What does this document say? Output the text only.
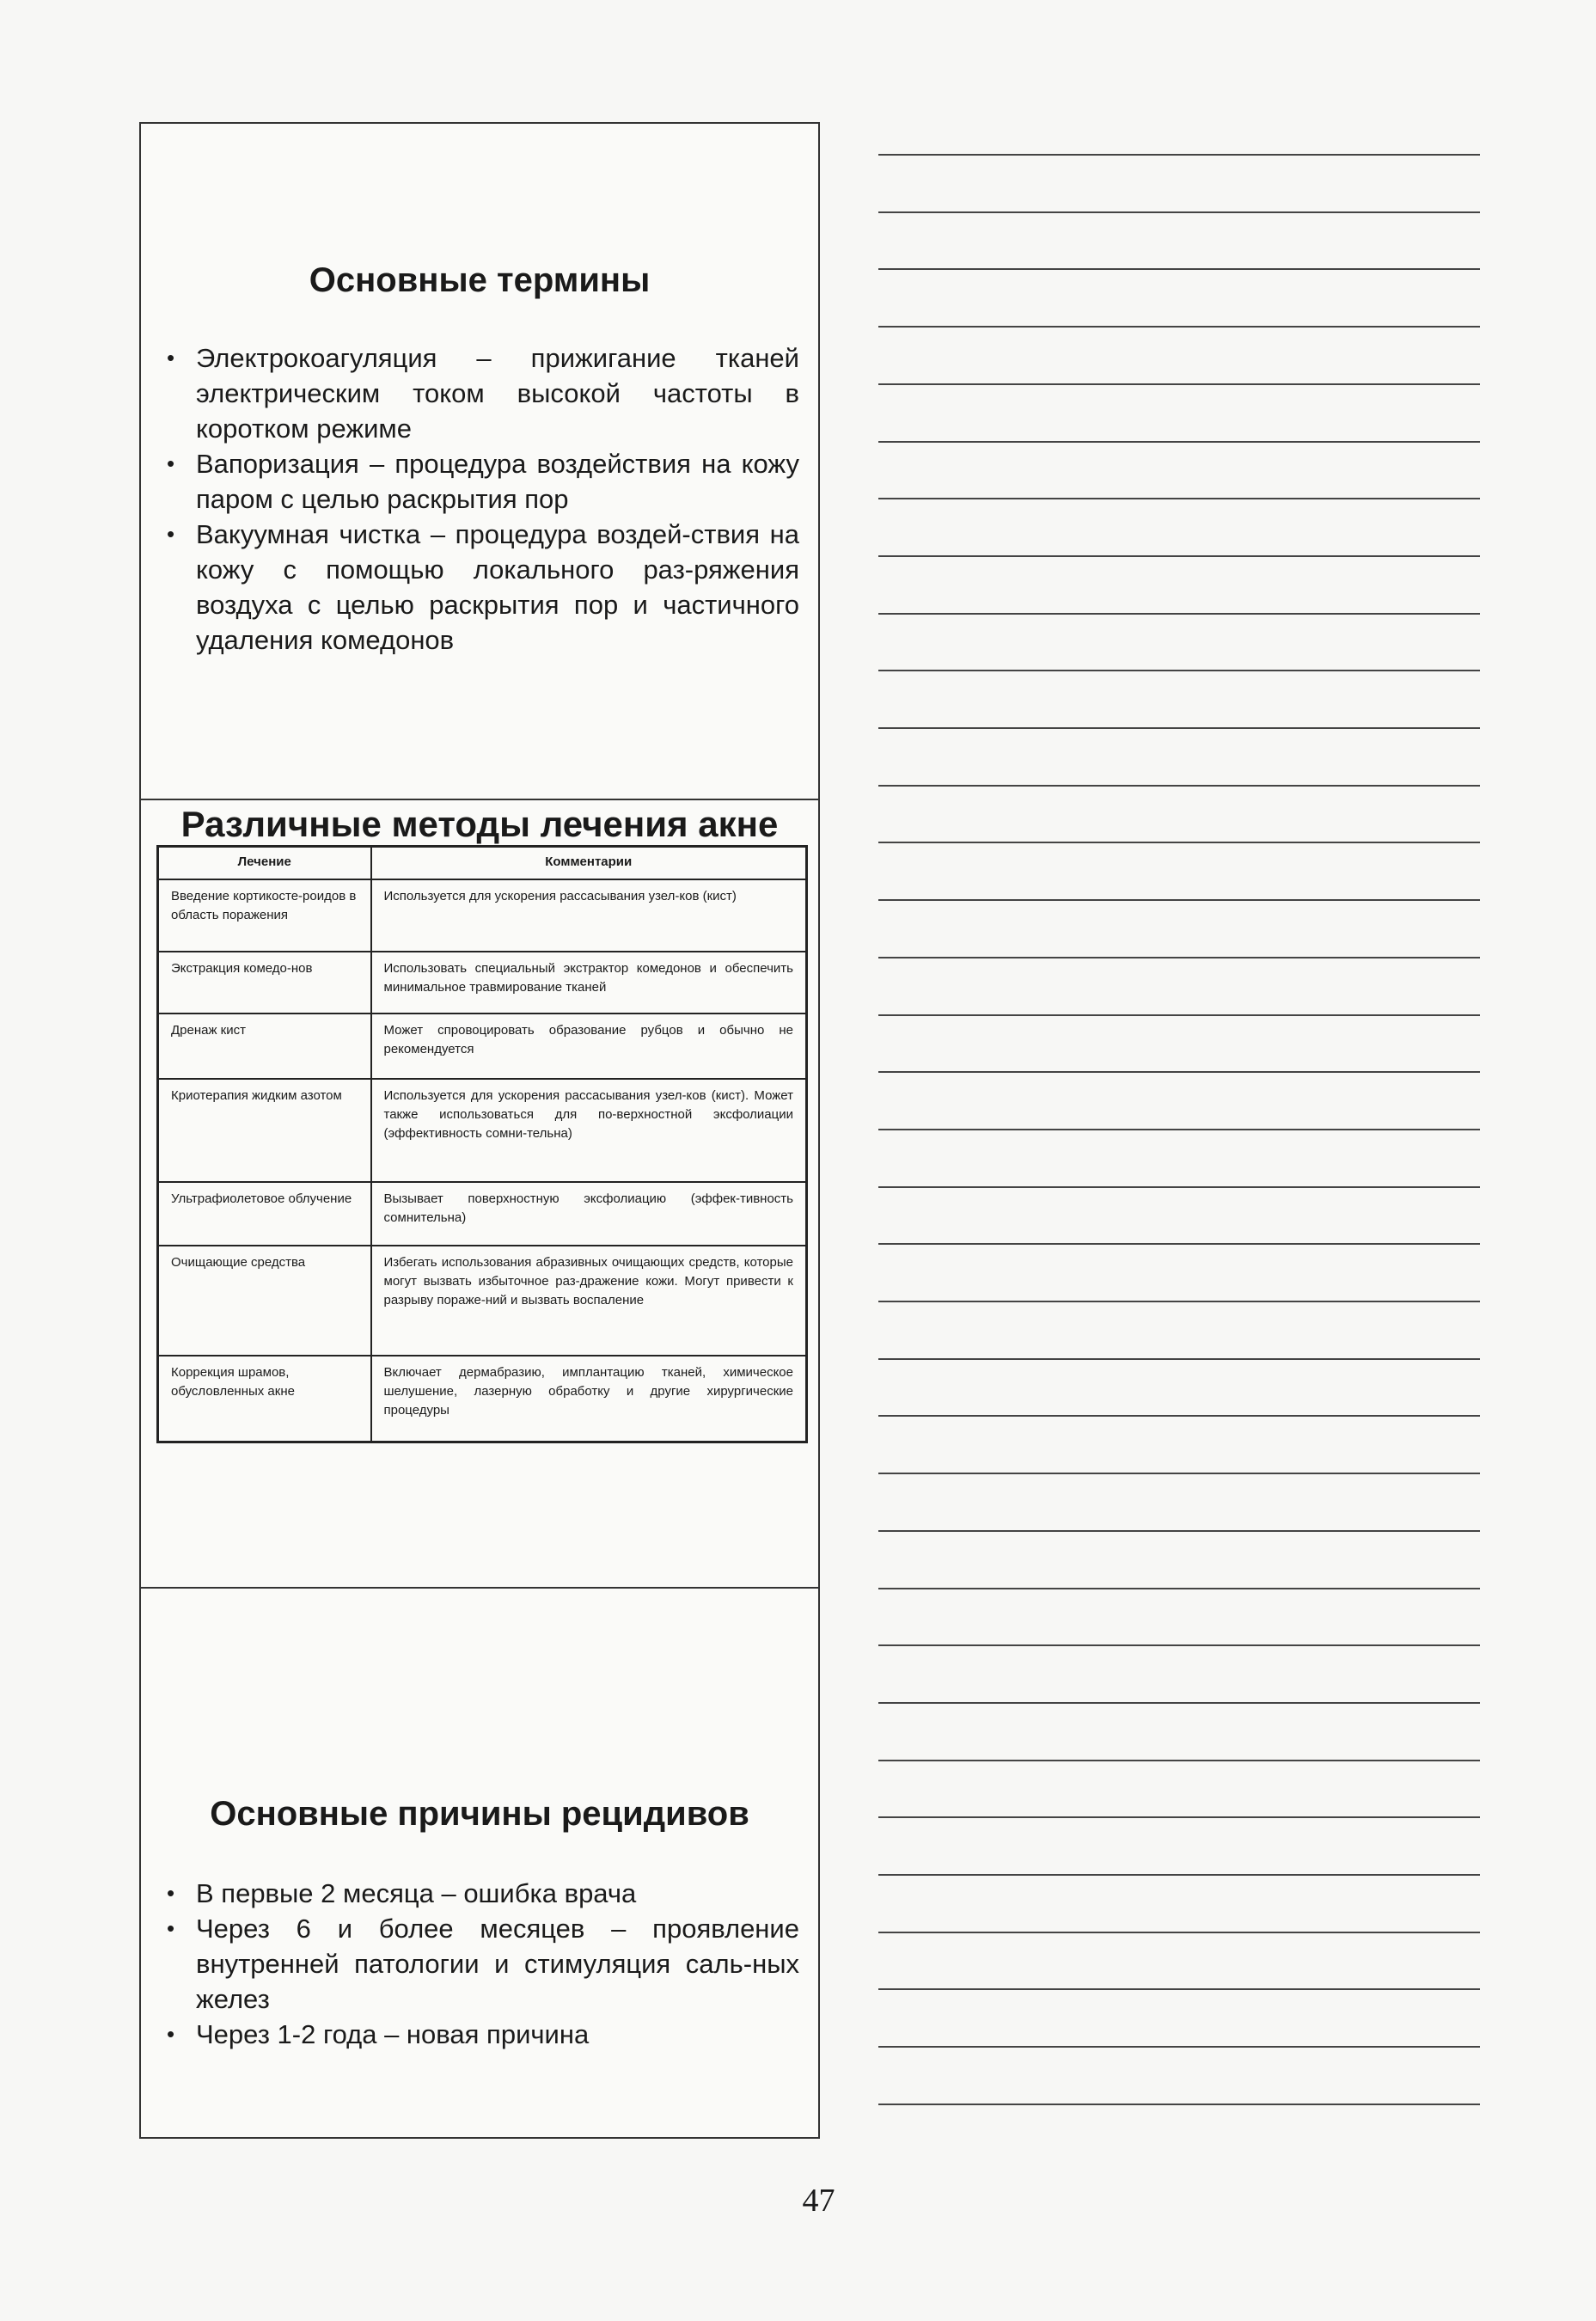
Основные термины
• Электрокоагуляция – прижигание тканей электрическим током высокой частоты в коротком режиме
• Вапоризация – процедура воздействия на кожу паром с целью раскрытия пор
• Вакуумная чистка – процедура воздей-ствия на кожу с помощью локального раз-ряжения воздуха с целью раскрытия пор и частичного удаления комедонов
Различные методы лечения акне
Лечение	Комментарии
Введение кортикосте-роидов в область поражения	Используется для ускорения рассасывания узел-ков (кист)
Экстракция комедо-нов	Использовать специальный экстрактор комедонов и обеспечить минимальное травмирование тканей
Дренаж кист	Может спровоцировать образование рубцов и обычно не рекомендуется
Криотерапия жидким азотом	Используется для ускорения рассасывания узел-ков (кист). Может также использоваться для по-верхностной эксфолиации (эффективность сомни-тельна)
Ультрафиолетовое облучение	Вызывает поверхностную эксфолиацию (эффек-тивность сомнительна)
Очищающие средства	Избегать использования абразивных очищающих средств, которые могут вызвать избыточное раз-дражение кожи. Могут привести к разрыву пораже-ний и вызвать воспаление
Коррекция шрамов, обусловленных акне	Включает дермабразию, имплантацию тканей, химическое шелушение, лазерную обработку и другие хирургические процедуры
Основные причины рецидивов
• В первые 2 месяца – ошибка врача
• Через 6 и более месяцев – проявление внутренней патологии и стимуляция саль-ных желез
• Через 1-2 года – новая причина
47
